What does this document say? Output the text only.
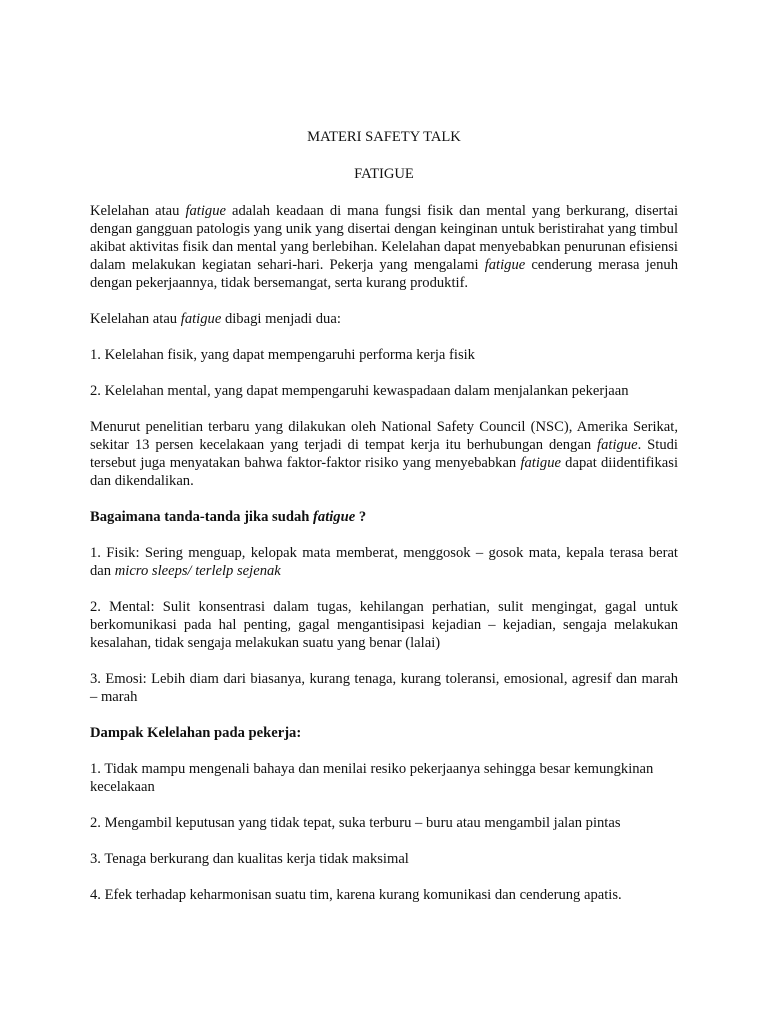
MATERI SAFETY TALK

FATIGUE

Kelelahan atau fatigue adalah keadaan di mana fungsi fisik dan mental yang berkurang, disertai dengan gangguan patologis yang unik yang disertai dengan keinginan untuk beristirahat yang timbul akibat aktivitas fisik dan mental yang berlebihan. Kelelahan dapat menyebabkan penurunan efisiensi dalam melakukan kegiatan sehari-hari. Pekerja yang mengalami fatigue cenderung merasa jenuh dengan pekerjaannya, tidak bersemangat, serta kurang produktif.

Kelelahan atau fatigue dibagi menjadi dua:

1. Kelelahan fisik, yang dapat mempengaruhi performa kerja fisik

2. Kelelahan mental, yang dapat mempengaruhi kewaspadaan dalam menjalankan pekerjaan

Menurut penelitian terbaru yang dilakukan oleh National Safety Council (NSC), Amerika Serikat, sekitar 13 persen kecelakaan yang terjadi di tempat kerja itu berhubungan dengan fatigue. Studi tersebut juga menyatakan bahwa faktor-faktor risiko yang menyebabkan fatigue dapat diidentifikasi dan dikendalikan.

Bagaimana tanda-tanda jika sudah fatigue ?

1. Fisik: Sering menguap, kelopak mata memberat, menggosok – gosok mata, kepala terasa berat dan micro sleeps/ terlelp sejenak

2. Mental: Sulit konsentrasi dalam tugas, kehilangan perhatian, sulit mengingat, gagal untuk berkomunikasi pada hal penting, gagal mengantisipasi kejadian – kejadian, sengaja melakukan kesalahan, tidak sengaja melakukan suatu yang benar (lalai)

3. Emosi: Lebih diam dari biasanya, kurang tenaga, kurang toleransi, emosional, agresif dan marah – marah

Dampak Kelelahan pada pekerja:

1. Tidak mampu mengenali bahaya dan menilai resiko pekerjaanya sehingga besar kemungkinan kecelakaan

2. Mengambil keputusan yang tidak tepat, suka terburu – buru atau mengambil jalan pintas

3. Tenaga berkurang dan kualitas kerja tidak maksimal

4. Efek terhadap keharmonisan suatu tim, karena kurang komunikasi dan cenderung apatis.
